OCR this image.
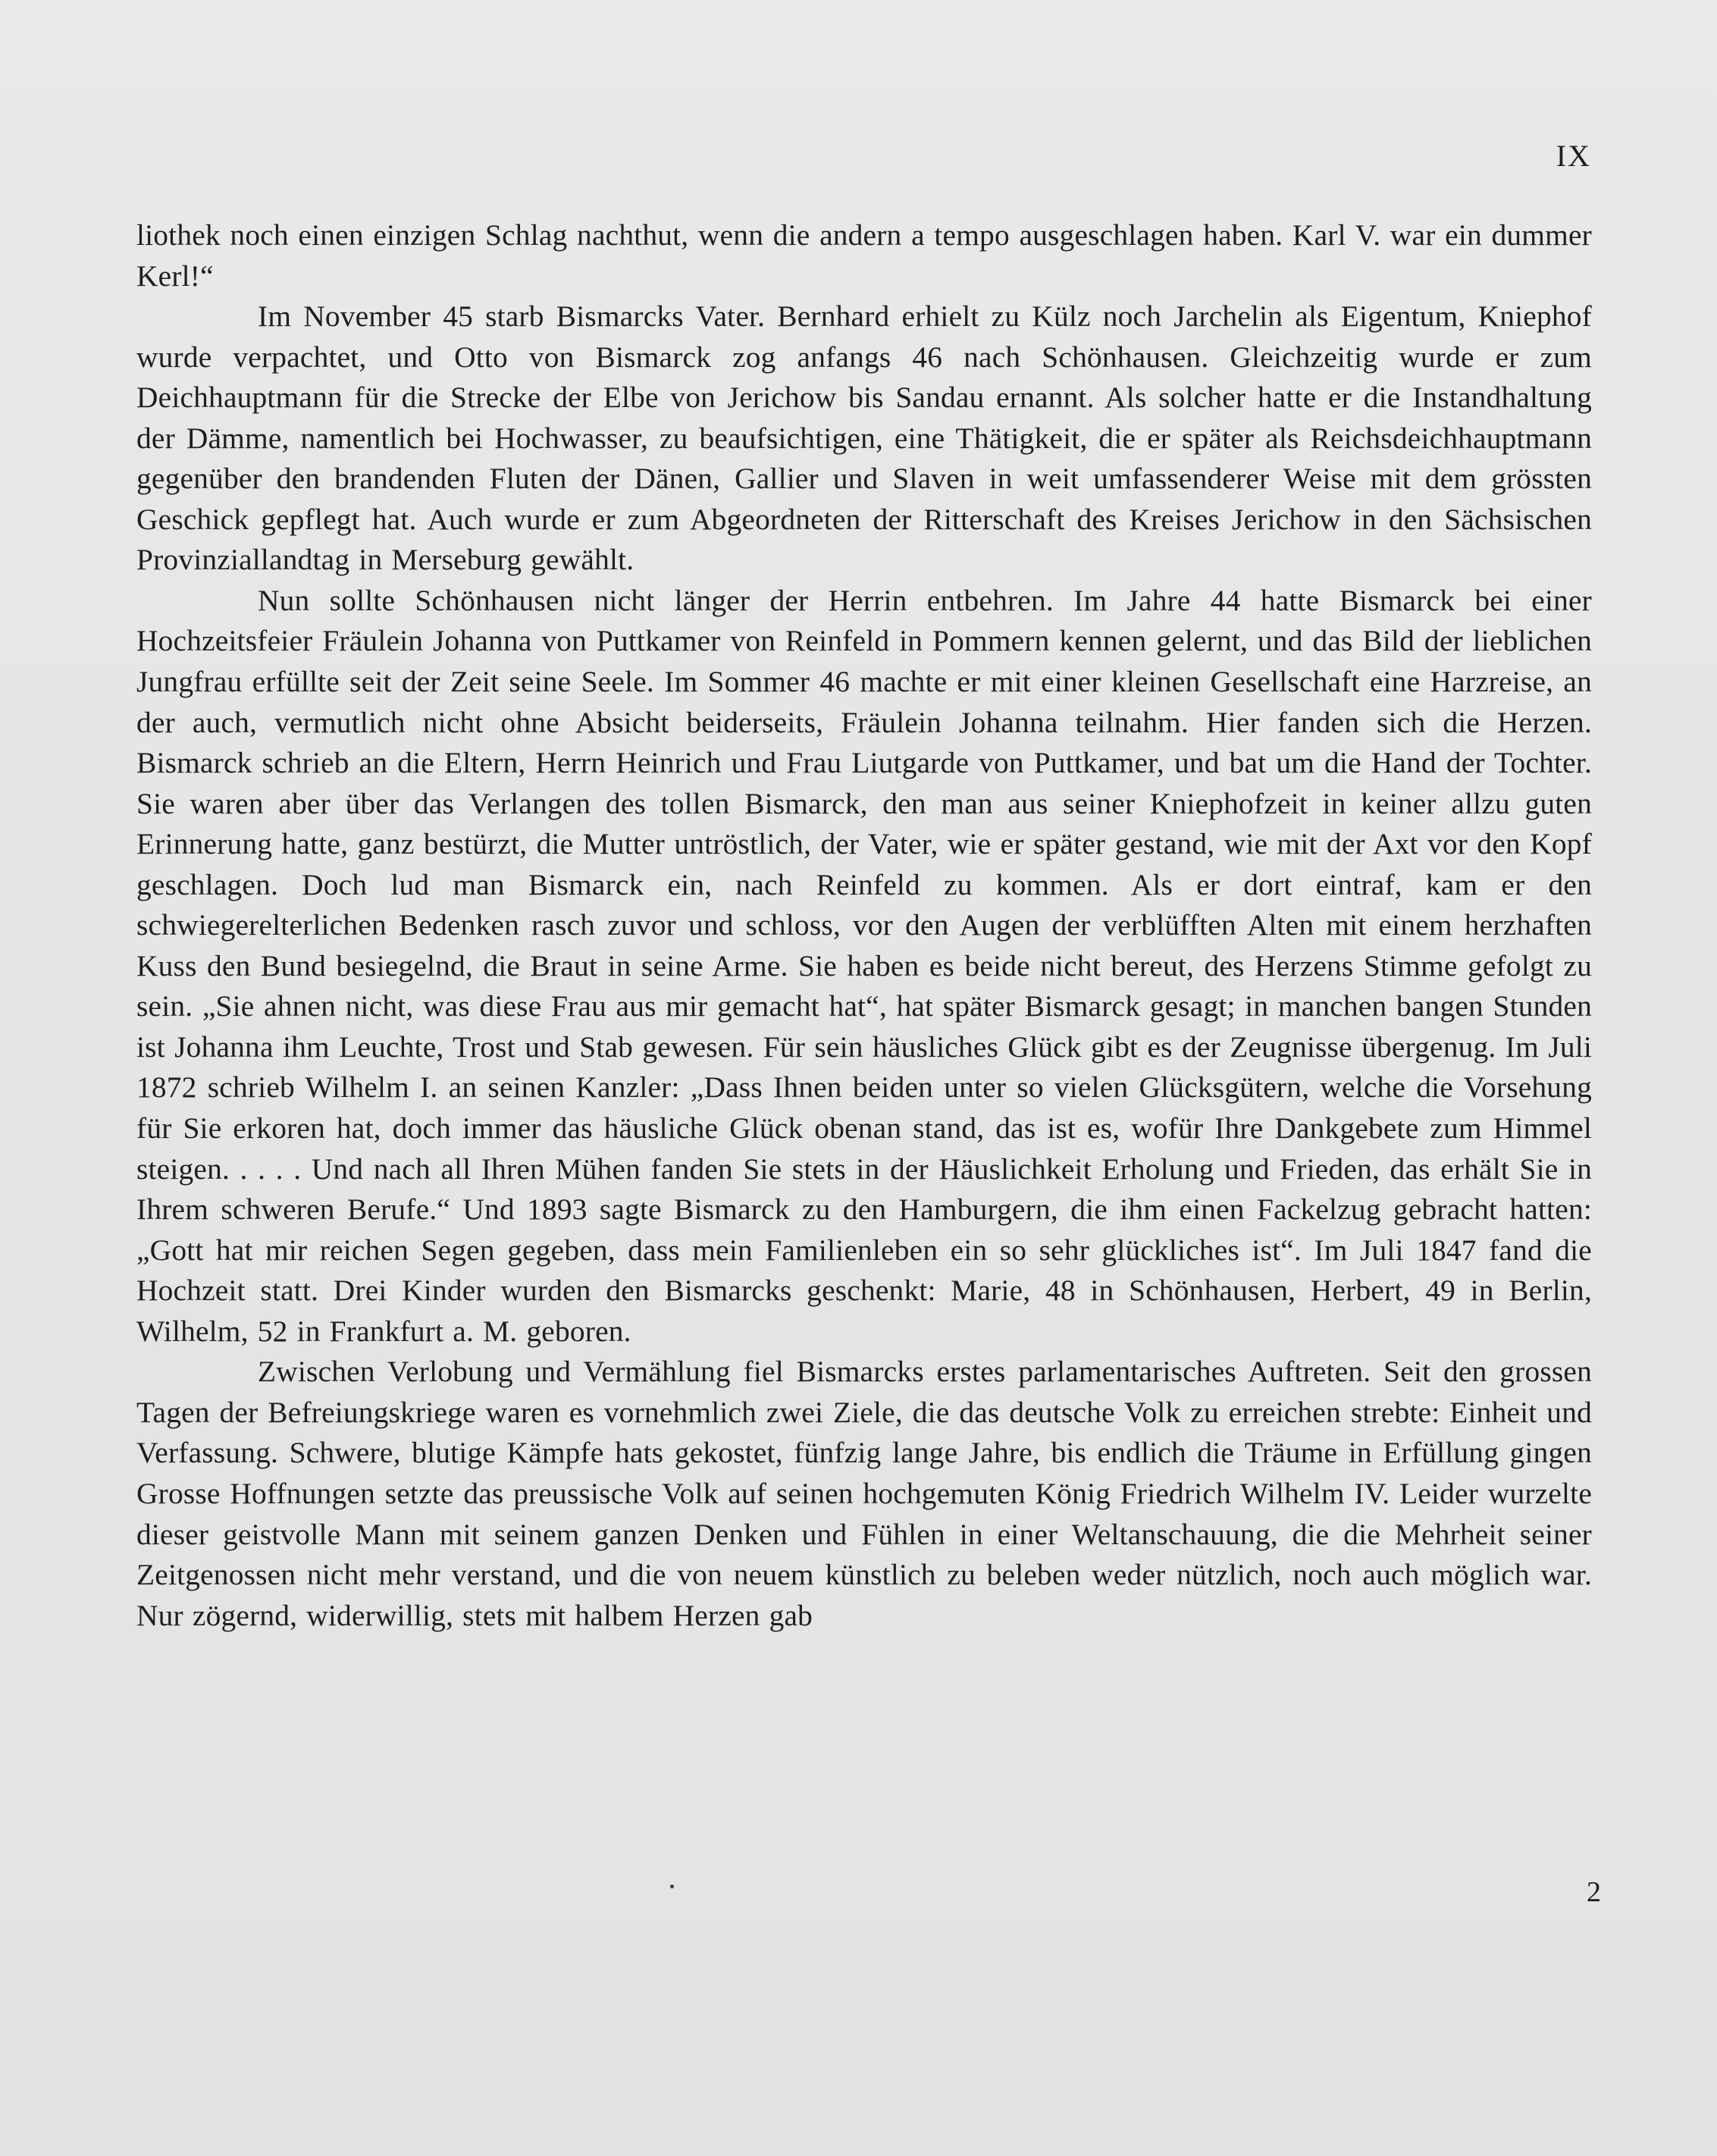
IX

liothek noch einen einzigen Schlag nachthut, wenn die andern a tempo ausgeschlagen haben. Karl V. war ein dummer Kerl!“

Im November 45 starb Bismarcks Vater. Bernhard erhielt zu Külz noch Jarchelin als Eigentum, Kniephof wurde verpachtet, und Otto von Bismarck zog anfangs 46 nach Schönhausen. Gleichzeitig wurde er zum Deichhauptmann für die Strecke der Elbe von Jerichow bis Sandau ernannt. Als solcher hatte er die Instandhaltung der Dämme, namentlich bei Hochwasser, zu beaufsichtigen, eine Thätigkeit, die er später als Reichsdeichhauptmann gegenüber den brandenden Fluten der Dänen, Gallier und Slaven in weit umfassenderer Weise mit dem grössten Geschick gepflegt hat. Auch wurde er zum Abgeordneten der Ritterschaft des Kreises Jerichow in den Sächsischen Provinziallandtag in Merseburg gewählt.

Nun sollte Schönhausen nicht länger der Herrin entbehren. Im Jahre 44 hatte Bismarck bei einer Hochzeitsfeier Fräulein Johanna von Puttkamer von Reinfeld in Pommern kennen gelernt, und das Bild der lieblichen Jungfrau erfüllte seit der Zeit seine Seele. Im Sommer 46 machte er mit einer kleinen Gesellschaft eine Harzreise, an der auch, vermutlich nicht ohne Absicht beiderseits, Fräulein Johanna teilnahm. Hier fanden sich die Herzen. Bismarck schrieb an die Eltern, Herrn Heinrich und Frau Liutgarde von Puttkamer, und bat um die Hand der Tochter. Sie waren aber über das Verlangen des tollen Bismarck, den man aus seiner Kniephofzeit in keiner allzu guten Erinnerung hatte, ganz bestürzt, die Mutter untröstlich, der Vater, wie er später gestand, wie mit der Axt vor den Kopf geschlagen. Doch lud man Bismarck ein, nach Reinfeld zu kommen. Als er dort eintraf, kam er den schwiegerelterlichen Bedenken rasch zuvor und schloss, vor den Augen der verblüfften Alten mit einem herzhaften Kuss den Bund besiegelnd, die Braut in seine Arme. Sie haben es beide nicht bereut, des Herzens Stimme gefolgt zu sein. „Sie ahnen nicht, was diese Frau aus mir gemacht hat“, hat später Bismarck gesagt; in manchen bangen Stunden ist Johanna ihm Leuchte, Trost und Stab gewesen. Für sein häusliches Glück gibt es der Zeugnisse übergenug. Im Juli 1872 schrieb Wilhelm I. an seinen Kanzler: „Dass Ihnen beiden unter so vielen Glücksgütern, welche die Vorsehung für Sie erkoren hat, doch immer das häusliche Glück obenan stand, das ist es, wofür Ihre Dankgebete zum Himmel steigen. . . . . Und nach all Ihren Mühen fanden Sie stets in der Häuslichkeit Erholung und Frieden, das erhält Sie in Ihrem schweren Berufe.“ Und 1893 sagte Bismarck zu den Hamburgern, die ihm einen Fackelzug gebracht hatten: „Gott hat mir reichen Segen gegeben, dass mein Familienleben ein so sehr glückliches ist“. Im Juli 1847 fand die Hochzeit statt. Drei Kinder wurden den Bismarcks geschenkt: Marie, 48 in Schönhausen, Herbert, 49 in Berlin, Wilhelm, 52 in Frankfurt a. M. geboren.

Zwischen Verlobung und Vermählung fiel Bismarcks erstes parlamentarisches Auftreten. Seit den grossen Tagen der Befreiungskriege waren es vornehmlich zwei Ziele, die das deutsche Volk zu erreichen strebte: Einheit und Verfassung. Schwere, blutige Kämpfe hats gekostet, fünfzig lange Jahre, bis endlich die Träume in Erfüllung gingen Grosse Hoffnungen setzte das preussische Volk auf seinen hochgemuten König Friedrich Wilhelm IV. Leider wurzelte dieser geistvolle Mann mit seinem ganzen Denken und Fühlen in einer Weltanschauung, die die Mehrheit seiner Zeitgenossen nicht mehr verstand, und die von neuem künstlich zu beleben weder nützlich, noch auch möglich war. Nur zögernd, widerwillig, stets mit halbem Herzen gab

2
